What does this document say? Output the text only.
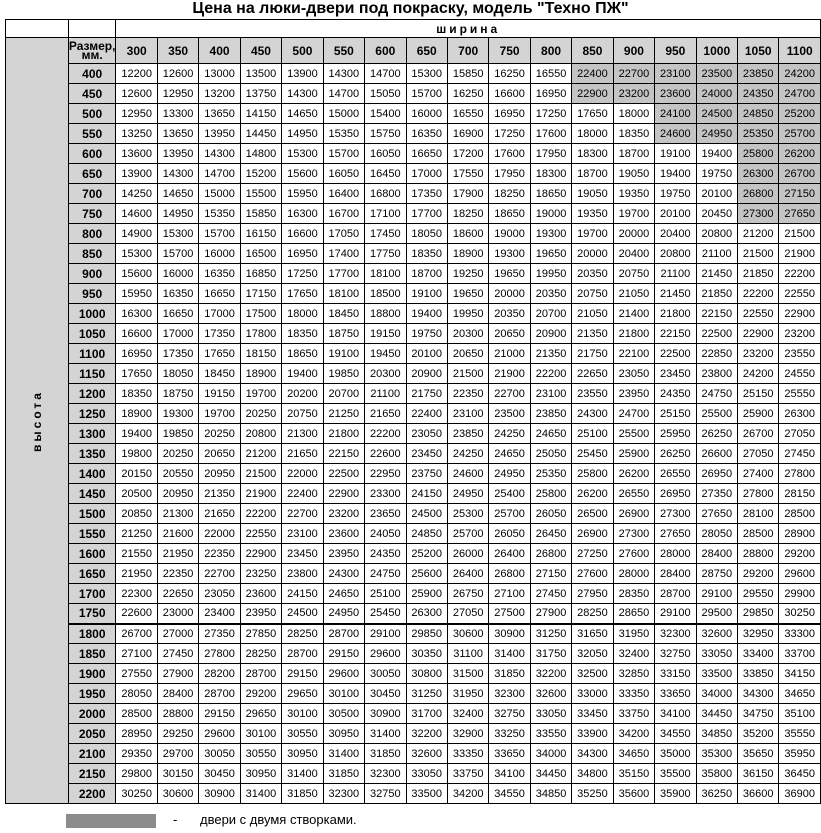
Цена на люки-двери под покраску, модель "Техно ПЖ"
		ширина																
высота	Размер, мм.	300	350	400	450	500	550	600	650	700	750	800	850	900	950	1000	1050	1100
	400	12200	12600	13000	13500	13900	14300	14700	15300	15850	16250	16550	22400	22700	23100	23500	23850	24200
	450	12600	12950	13200	13750	14300	14700	15050	15700	16250	16600	16950	22900	23200	23600	24000	24350	24700
	500	12950	13300	13650	14150	14650	15000	15400	16000	16550	16950	17250	17650	18000	24100	24500	24850	25200
	550	13250	13650	13950	14450	14950	15350	15750	16350	16900	17250	17600	18000	18350	24600	24950	25350	25700
	600	13600	13950	14300	14800	15300	15700	16050	16650	17200	17600	17950	18300	18700	19100	19400	25800	26200
	650	13900	14300	14700	15200	15600	16050	16450	17000	17550	17950	18300	18700	19050	19400	19750	26300	26700
	700	14250	14650	15000	15500	15950	16400	16800	17350	17900	18250	18650	19050	19350	19750	20100	26800	27150
	750	14600	14950	15350	15850	16300	16700	17100	17700	18250	18650	19000	19350	19700	20100	20450	27300	27650
	800	14900	15300	15700	16150	16600	17050	17450	18050	18600	19000	19300	19700	20000	20400	20800	21200	21500
	850	15300	15700	16000	16500	16950	17400	17750	18350	18900	19300	19650	20000	20400	20800	21100	21500	21900
	900	15600	16000	16350	16850	17250	17700	18100	18700	19250	19650	19950	20350	20750	21100	21450	21850	22200
	950	15950	16350	16650	17150	17650	18100	18500	19100	19650	20000	20350	20750	21050	21450	21850	22200	22550
	1000	16300	16650	17000	17500	18000	18450	18800	19400	19950	20350	20700	21050	21400	21800	22150	22550	22900
	1050	16600	17000	17350	17800	18350	18750	19150	19750	20300	20650	20900	21350	21800	22150	22500	22900	23200
	1100	16950	17350	17650	18150	18650	19100	19450	20100	20650	21000	21350	21750	22100	22500	22850	23200	23550
	1150	17650	18050	18450	18900	19400	19850	20300	20900	21500	21900	22200	22650	23050	23450	23800	24200	24550
	1200	18350	18750	19150	19700	20200	20700	21100	21750	22350	22700	23100	23550	23950	24350	24750	25150	25550
	1250	18900	19300	19700	20250	20750	21250	21650	22400	23100	23500	23850	24300	24700	25150	25500	25900	26300
	1300	19400	19850	20250	20800	21300	21800	22200	23050	23850	24250	24650	25100	25500	25950	26250	26700	27050
	1350	19800	20250	20650	21200	21650	22150	22600	23450	24250	24650	25050	25450	25900	26250	26600	27050	27450
	1400	20150	20550	20950	21500	22000	22500	22950	23750	24600	24950	25350	25800	26200	26550	26950	27400	27800
	1450	20500	20950	21350	21900	22400	22900	23300	24150	24950	25400	25800	26200	26550	26950	27350	27800	28150
	1500	20850	21300	21650	22200	22700	23200	23650	24500	25300	25700	26050	26500	26900	27300	27650	28100	28500
	1550	21250	21600	22000	22550	23100	23600	24050	24850	25700	26050	26450	26900	27300	27650	28050	28500	28900
	1600	21550	21950	22350	22900	23450	23950	24350	25200	26000	26400	26800	27250	27600	28000	28400	28800	29200
	1650	21950	22350	22700	23250	23800	24300	24750	25600	26400	26800	27150	27600	28000	28400	28750	29200	29600
	1700	22300	22650	23050	23600	24150	24650	25100	25900	26750	27100	27450	27950	28350	28700	29100	29550	29900
	1750	22600	23000	23400	23950	24500	24950	25450	26300	27050	27500	27900	28250	28650	29100	29500	29850	30250
	1800	26700	27000	27350	27850	28250	28700	29100	29850	30600	30900	31250	31650	31950	32300	32600	32950	33300
	1850	27100	27450	27800	28250	28700	29150	29600	30350	31100	31400	31750	32050	32400	32750	33050	33400	33700
	1900	27550	27900	28200	28700	29150	29600	30050	30800	31500	31850	32200	32500	32850	33150	33500	33850	34150
	1950	28050	28400	28700	29200	29650	30100	30450	31250	31950	32300	32600	33000	33350	33650	34000	34300	34650
	2000	28500	28800	29150	29650	30100	30500	30900	31700	32400	32750	33050	33450	33750	34100	34450	34750	35100
	2050	28950	29250	29600	30100	30550	30950	31400	32200	32900	33250	33550	33900	34200	34550	34850	35200	35550
	2100	29350	29700	30050	30550	30950	31400	31850	32600	33350	33650	34000	34300	34650	35000	35300	35650	35950
	2150	29800	30150	30450	30950	31400	31850	32300	33050	33750	34100	34450	34800	35150	35500	35800	36150	36450
	2200	30250	30600	30900	31400	31850	32300	32750	33500	34200	34550	34850	35250	35600	35900	36250	36600	36900
- двери с двумя створками.
